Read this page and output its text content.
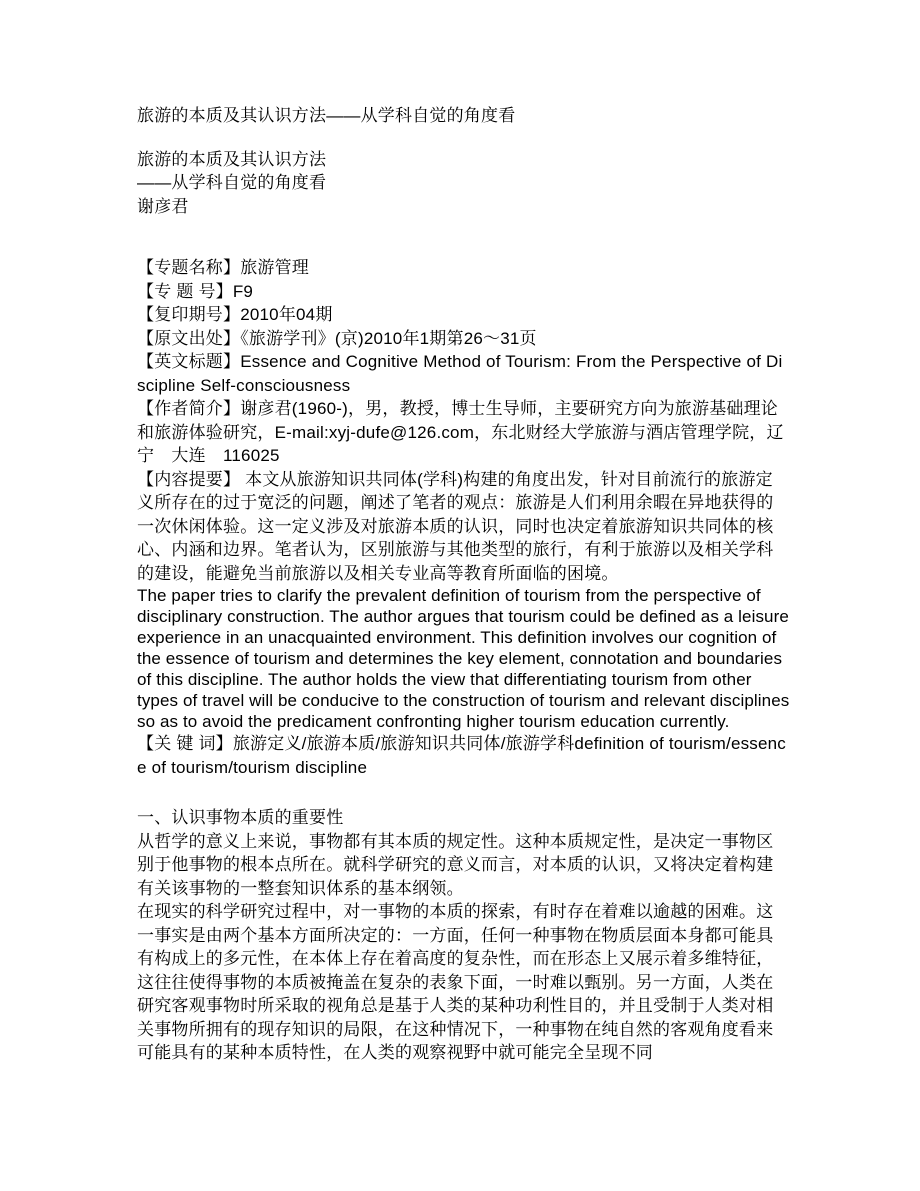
旅游的本质及其认识方法——从学科自觉的角度看

旅游的本质及其认识方法

——从学科自觉的角度看

谢彦君

【专题名称】旅游管理

【专 题 号】F9

【复印期号】2010年04期

【原文出处】《旅游学刊》(京)2010年1期第26～31页

【英文标题】Essence and Cognitive Method of Tourism: From the Perspective of Discipline Self-consciousness

【作者简介】谢彦君(1960-)，男，教授，博士生导师，主要研究方向为旅游基础理论和旅游体验研究，E-mail:xyj-dufe@126.com，东北财经大学旅游与酒店管理学院，辽宁　大连　116025

【内容提要】 本文从旅游知识共同体(学科)构建的角度出发，针对目前流行的旅游定义所存在的过于宽泛的问题，阐述了笔者的观点：旅游是人们利用余暇在异地获得的一次休闲体验。这一定义涉及对旅游本质的认识，同时也决定着旅游知识共同体的核心、内涵和边界。笔者认为，区别旅游与其他类型的旅行，有利于旅游以及相关学科的建设，能避免当前旅游以及相关专业高等教育所面临的困境。

The paper tries to clarify the prevalent definition of tourism from the perspective of disciplinary construction. The author argues that tourism could be defined as a leisure experience in an unacquainted environment. This definition involves our cognition of the essence of tourism and determines the key element, connotation and boundaries of this discipline. The author holds the view that differentiating tourism from other types of travel will be conducive to the construction of tourism and relevant disciplines so as to avoid the predicament confronting higher tourism education currently.

【关 键 词】旅游定义/旅游本质/旅游知识共同体/旅游学科definition of tourism/essence of tourism/tourism discipline

一、认识事物本质的重要性

从哲学的意义上来说，事物都有其本质的规定性。这种本质规定性，是决定一事物区别于他事物的根本点所在。就科学研究的意义而言，对本质的认识，又将决定着构建有关该事物的一整套知识体系的基本纲领。

在现实的科学研究过程中，对一事物的本质的探索，有时存在着难以逾越的困难。这一事实是由两个基本方面所决定的：一方面，任何一种事物在物质层面本身都可能具有构成上的多元性，在本体上存在着高度的复杂性，而在形态上又展示着多维特征，这往往使得事物的本质被掩盖在复杂的表象下面，一时难以甄别。另一方面，人类在研究客观事物时所采取的视角总是基于人类的某种功利性目的，并且受制于人类对相关事物所拥有的现存知识的局限，在这种情况下，一种事物在纯自然的客观角度看来可能具有的某种本质特性，在人类的观察视野中就可能完全呈现不同
